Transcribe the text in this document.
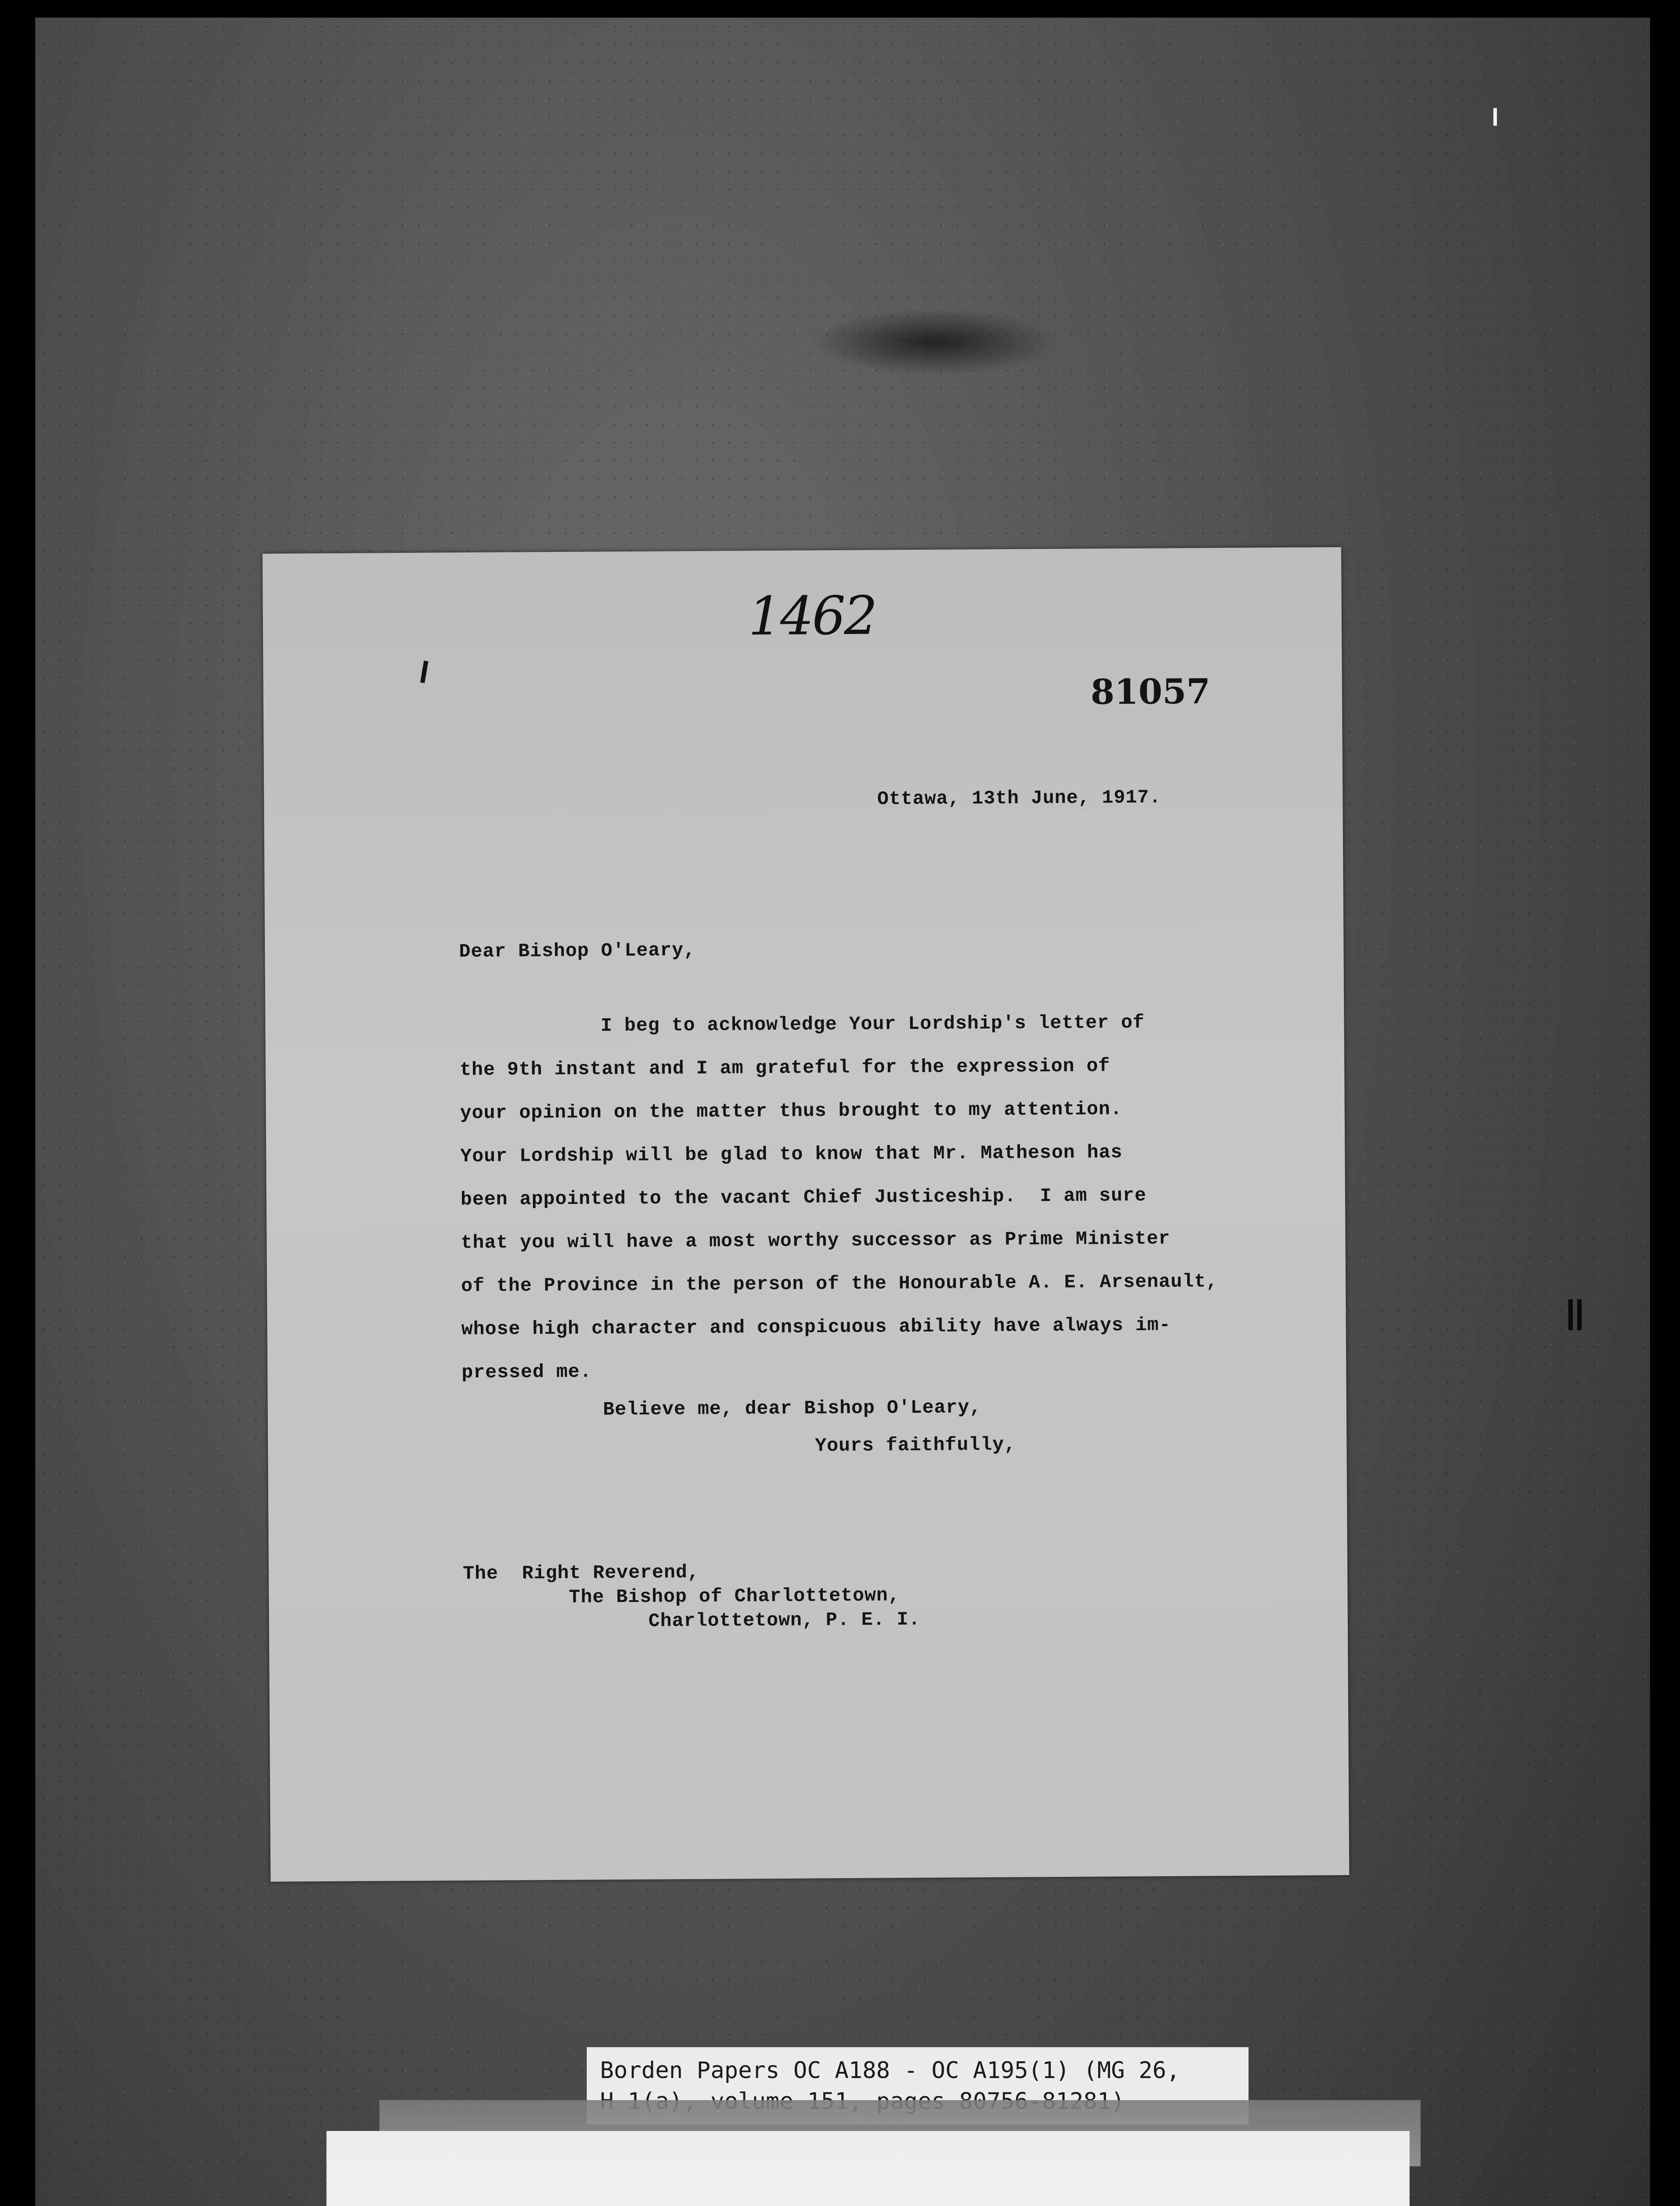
1462
81057
Ottawa, 13th June, 1917.
Dear Bishop O'Leary,
I beg to acknowledge Your Lordship's letter of
the 9th instant and I am grateful for the expression of
your opinion on the matter thus brought to my attention.
Your Lordship will be glad to know that Mr. Matheson has
been appointed to the vacant Chief Justiceship.  I am sure
that you will have a most worthy successor as Prime Minister
of the Province in the person of the Honourable A. E. Arsenault,
whose high character and conspicuous ability have always im-
pressed me.
Believe me, dear Bishop O'Leary,
Yours faithfully,
The  Right Reverend,
The Bishop of Charlottetown,
Charlottetown, P. E. I.
Borden Papers OC A188 - OC A195(1) (MG 26,
